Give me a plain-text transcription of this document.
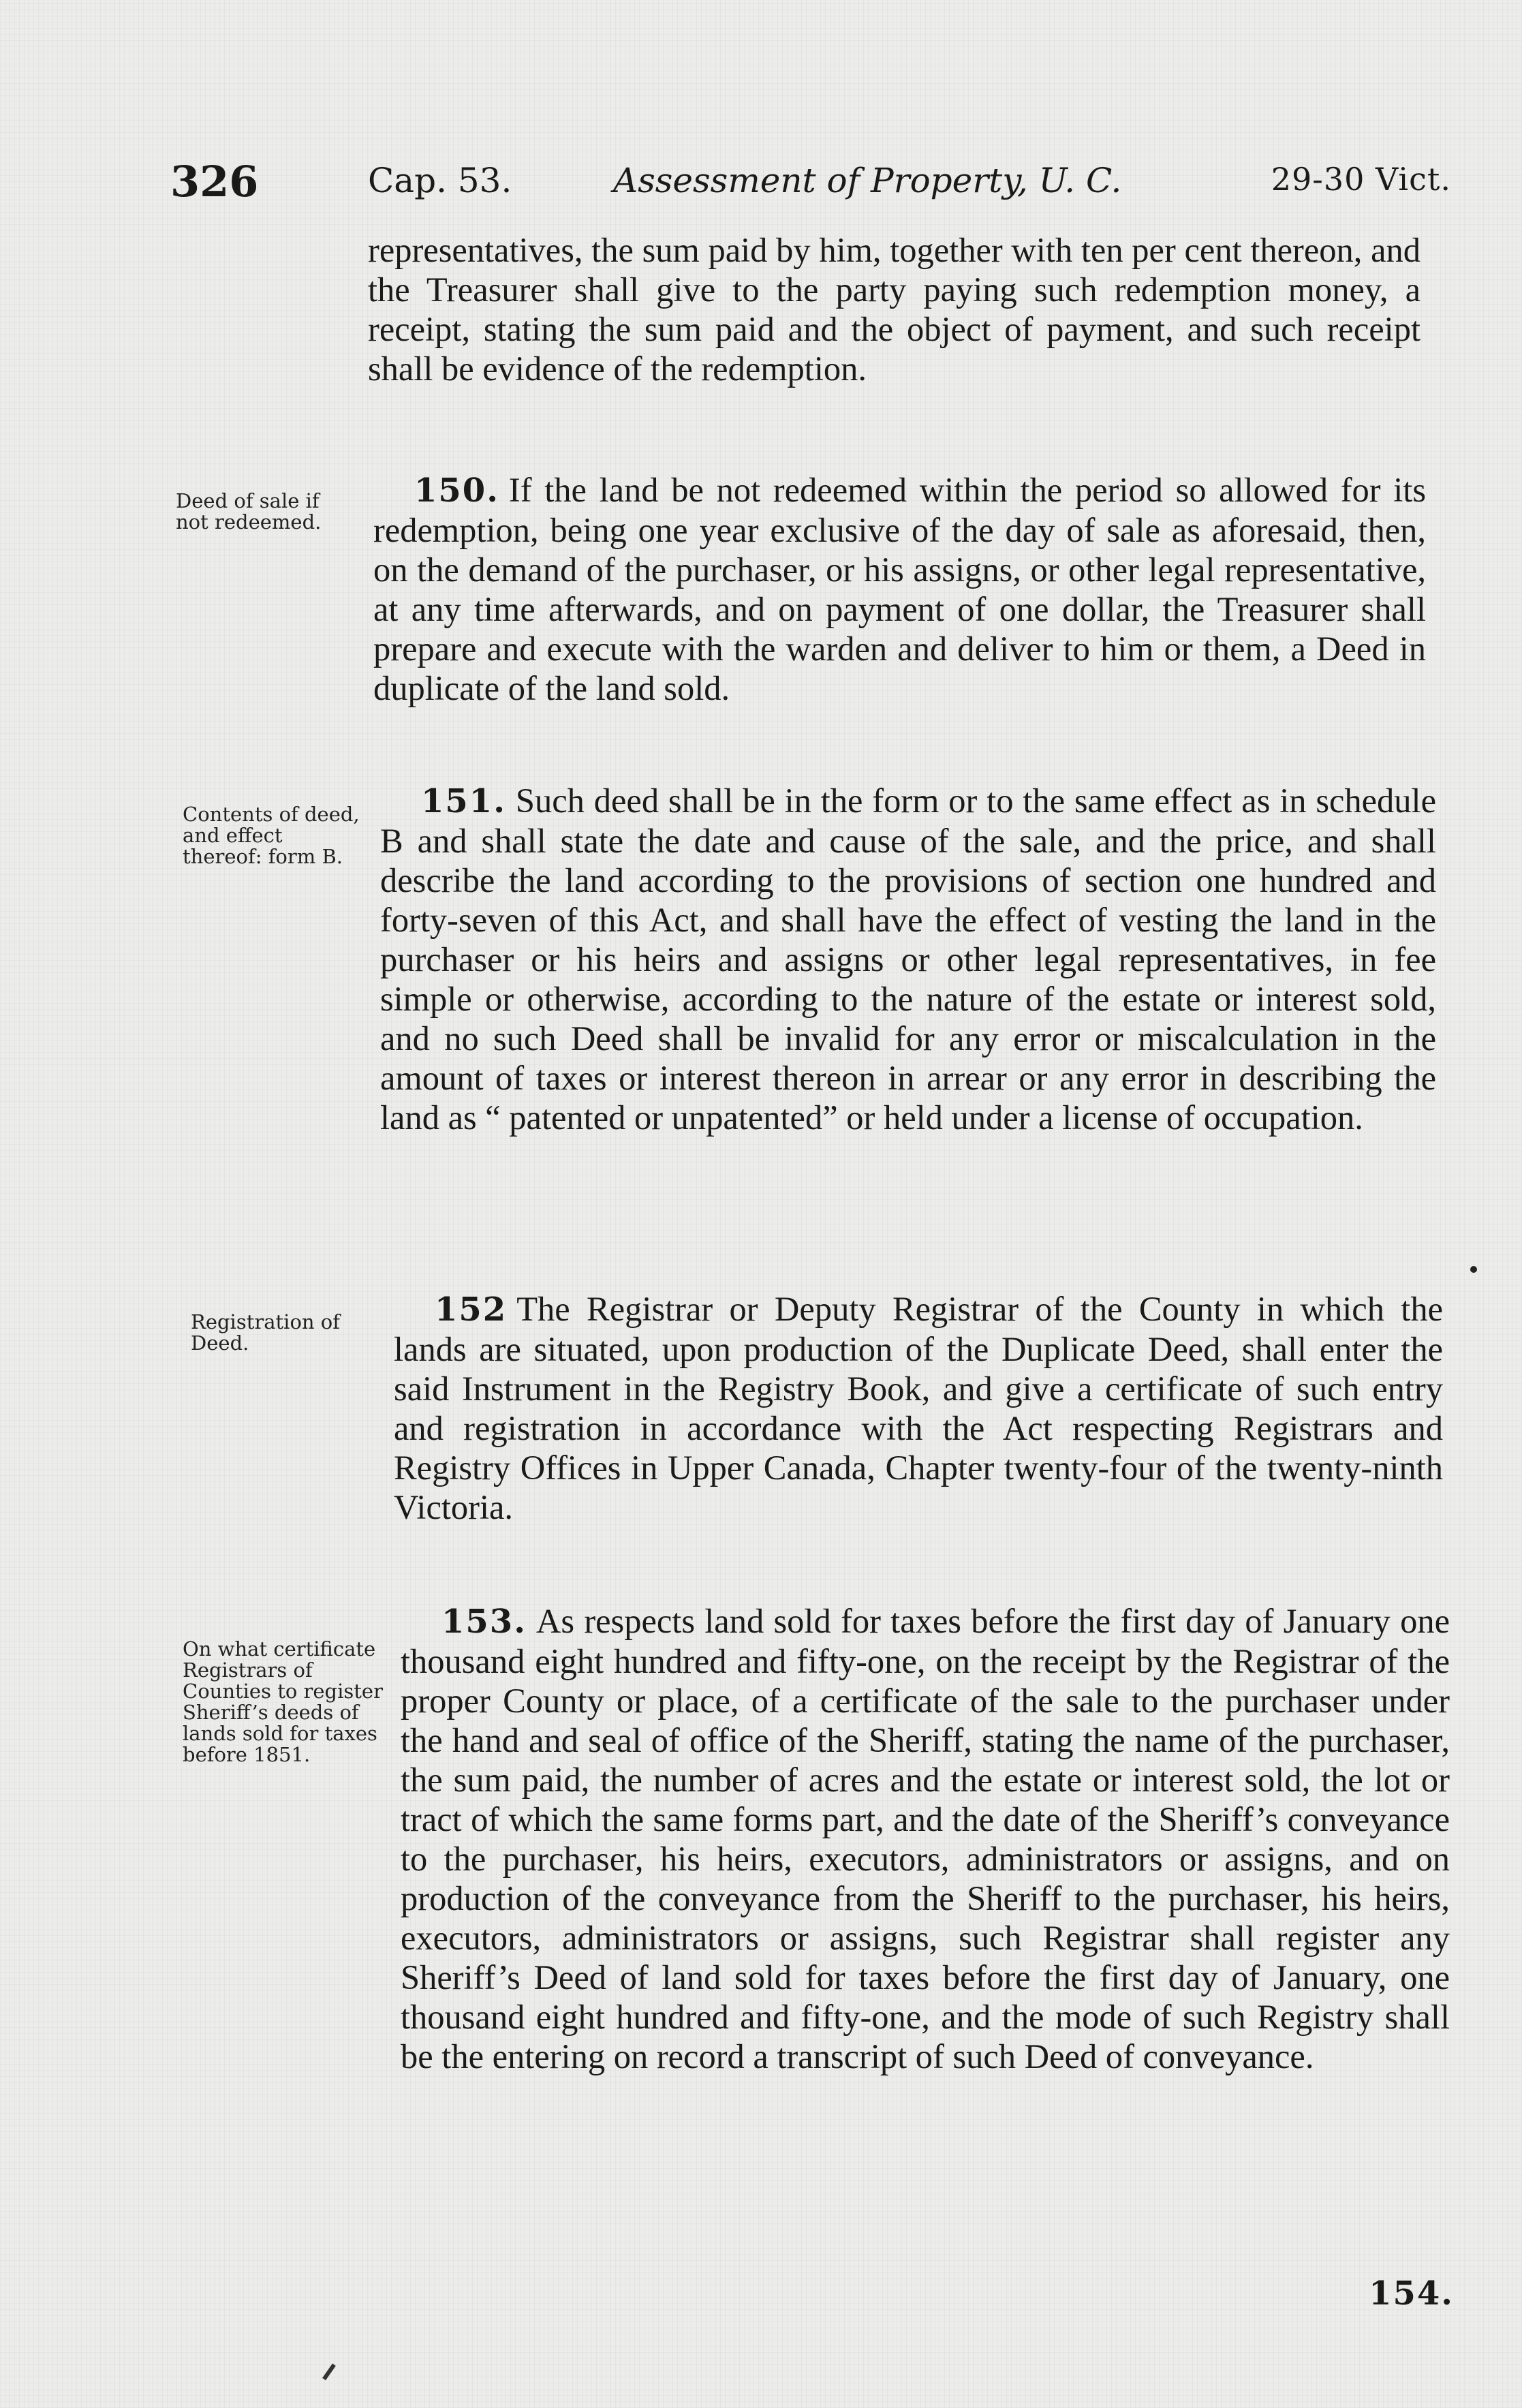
326	Cap. 53.	Assessment of Property, U. C.	29-30 Vict.

representatives, the sum paid by him, together with ten per cent thereon, and the Treasurer shall give to the party paying such redemption money, a receipt, stating the sum paid and the object of payment, and such receipt shall be evidence of the redemption.

Deed of sale if not redeemed.

150. If the land be not redeemed within the period so allowed for its redemption, being one year exclusive of the day of sale as aforesaid, then, on the demand of the purchaser, or his assigns, or other legal representative, at any time afterwards, and on payment of one dollar, the Treasurer shall prepare and execute with the warden and deliver to him or them, a Deed in duplicate of the land sold.

Contents of deed, and effect thereof: form B.

151. Such deed shall be in the form or to the same effect as in schedule B and shall state the date and cause of the sale, and the price, and shall describe the land according to the provisions of section one hundred and forty-seven of this Act, and shall have the effect of vesting the land in the purchaser or his heirs and assigns or other legal representatives, in fee simple or otherwise, according to the nature of the estate or interest sold, and no such Deed shall be invalid for any error or miscalculation in the amount of taxes or interest thereon in arrear or any error in describing the land as “ patented or unpatented” or held under a license of occupation.

Registration of Deed.

152 The Registrar or Deputy Registrar of the County in which the lands are situated, upon production of the Duplicate Deed, shall enter the said Instrument in the Registry Book, and give a certificate of such entry and registration in accordance with the Act respecting Registrars and Registry Offices in Upper Canada, Chapter twenty-four of the twenty-ninth Victoria.

On what certificate Registrars of Counties to register Sheriff’s deeds of lands sold for taxes before 1851.

153. As respects land sold for taxes before the first day of January one thousand eight hundred and fifty-one, on the receipt by the Registrar of the proper County or place, of a certificate of the sale to the purchaser under the hand and seal of office of the Sheriff, stating the name of the purchaser, the sum paid, the number of acres and the estate or interest sold, the lot or tract of which the same forms part, and the date of the Sheriff’s conveyance to the purchaser, his heirs, executors, administrators or assigns, and on production of the conveyance from the Sheriff to the purchaser, his heirs, executors, administrators or assigns, such Registrar shall register any Sheriff’s Deed of land sold for taxes before the first day of January, one thousand eight hundred and fifty-one, and the mode of such Registry shall be the entering on record a transcript of such Deed of conveyance.

154.
